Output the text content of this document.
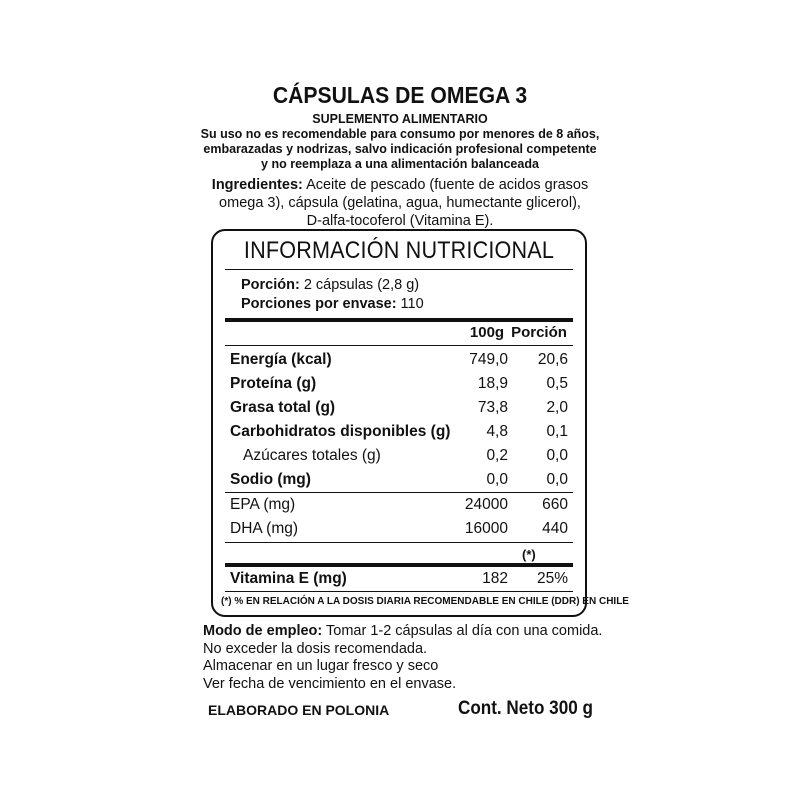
CÁPSULAS DE OMEGA 3
SUPLEMENTO ALIMENTARIO
Su uso no es recomendable para consumo por menores de 8 años,
embarazadas y nodrizas, salvo indicación profesional competente
y no reemplaza a una alimentación balanceada
Ingredientes: Aceite de pescado (fuente de acidos grasos
omega 3), cápsula (gelatina, agua, humectante glicerol),
D-alfa-tocoferol (Vitamina E).
INFORMACIÓN NUTRICIONAL
Porción: 2 cápsulas (2,8 g)
Porciones por envase: 110
100g Porción
Energía (kcal)	749,0	20,6
Proteína (g)	18,9	0,5
Grasa total (g)	73,8	2,0
Carbohidratos disponibles (g)	4,8	0,1
Azúcares totales (g)	0,2	0,0
Sodio (mg)	0,0	0,0
EPA (mg)	24000	660
DHA (mg)	16000	440
(*)
Vitamina E (mg)	182	25%
(*) % EN RELACIÓN A LA DOSIS DIARIA RECOMENDABLE EN CHILE (DDR) EN CHILE
Modo de empleo: Tomar 1-2 cápsulas al día con una comida.
No exceder la dosis recomendada.
Almacenar en un lugar fresco y seco
Ver fecha de vencimiento en el envase.
ELABORADO EN POLONIA	Cont. Neto 300 g
